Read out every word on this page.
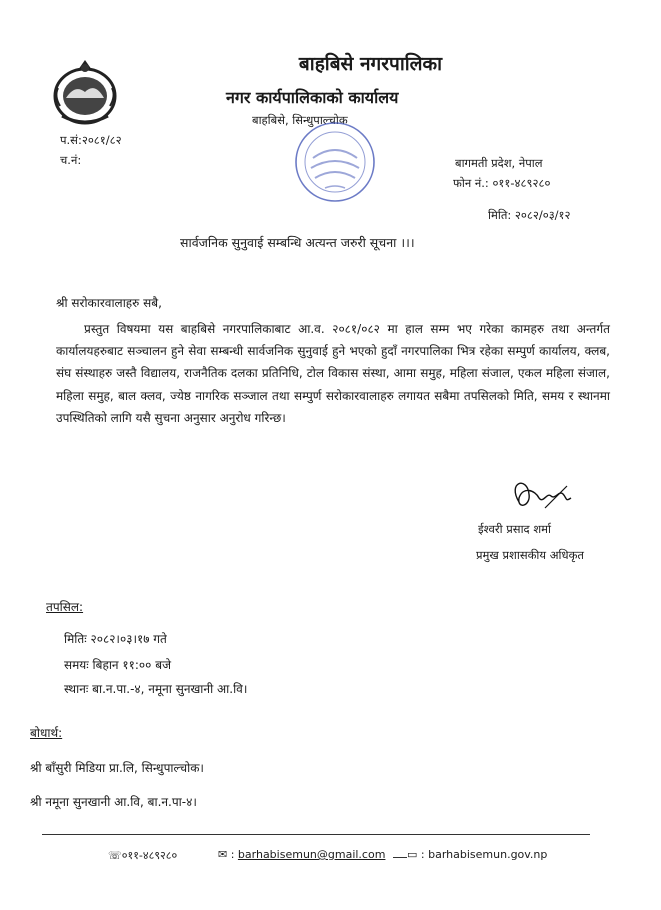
बाहबिसे नगरपालिका
नगर कार्यपालिकाको कार्यालय
बाहबिसे, सिन्धुपाल्चोक
प.सं:२०८१/८२
च.नं:	बागमती प्रदेश, नेपाल
फोन नं.: ०११-४८९२८०
मिति: २०८२/०३/१२
सार्वजनिक सुनुवाई सम्बन्धि अत्यन्त जरुरी सूचना ।।।
श्री सरोकारवालाहरु सबै,
प्रस्तुत विषयमा यस बाहबिसे नगरपालिकाबाट आ.व. २०८१/०८२ मा हाल सम्म भए गरेका कामहरु तथा अन्तर्गत कार्यालयहरुबाट सञ्चालन हुने सेवा सम्बन्धी सार्वजनिक सुनुवाई हुने भएको हुदाँ नगरपालिका भित्र रहेका सम्पुर्ण कार्यालय, क्लब, संघ संस्थाहरु जस्तै विद्यालय, राजनैतिक दलका प्रतिनिधि, टोल विकास संस्था, आमा समुह, महिला संजाल, एकल महिला संजाल, महिला समुह, बाल क्लव, ज्येष्ठ नागरिक सञ्जाल तथा सम्पुर्ण सरोकारवालाहरु लगायत सबैमा तपसिलको मिति, समय र स्थानमा उपस्थितिको लागि यसै सुचना अनुसार अनुरोध गरिन्छ।
ईश्वरी प्रसाद शर्मा
प्रमुख प्रशासकीय अधिकृत
तपसिल:
मितिः २०८२।०३।१७ गते
समयः बिहान ११:०० बजे
स्थानः बा.न.पा.-४, नमूना सुनखानी आ.वि।
बोधार्थ:
श्री बाँसुरी मिडिया प्रा.लि, सिन्धुपाल्चोक।
श्री नमूना सुनखानी आ.वि, बा.न.पा-४।
☏०११-४८९२८०	✉ : barhabisemun@gmail.com	▭ : barhabisemun.gov.np
